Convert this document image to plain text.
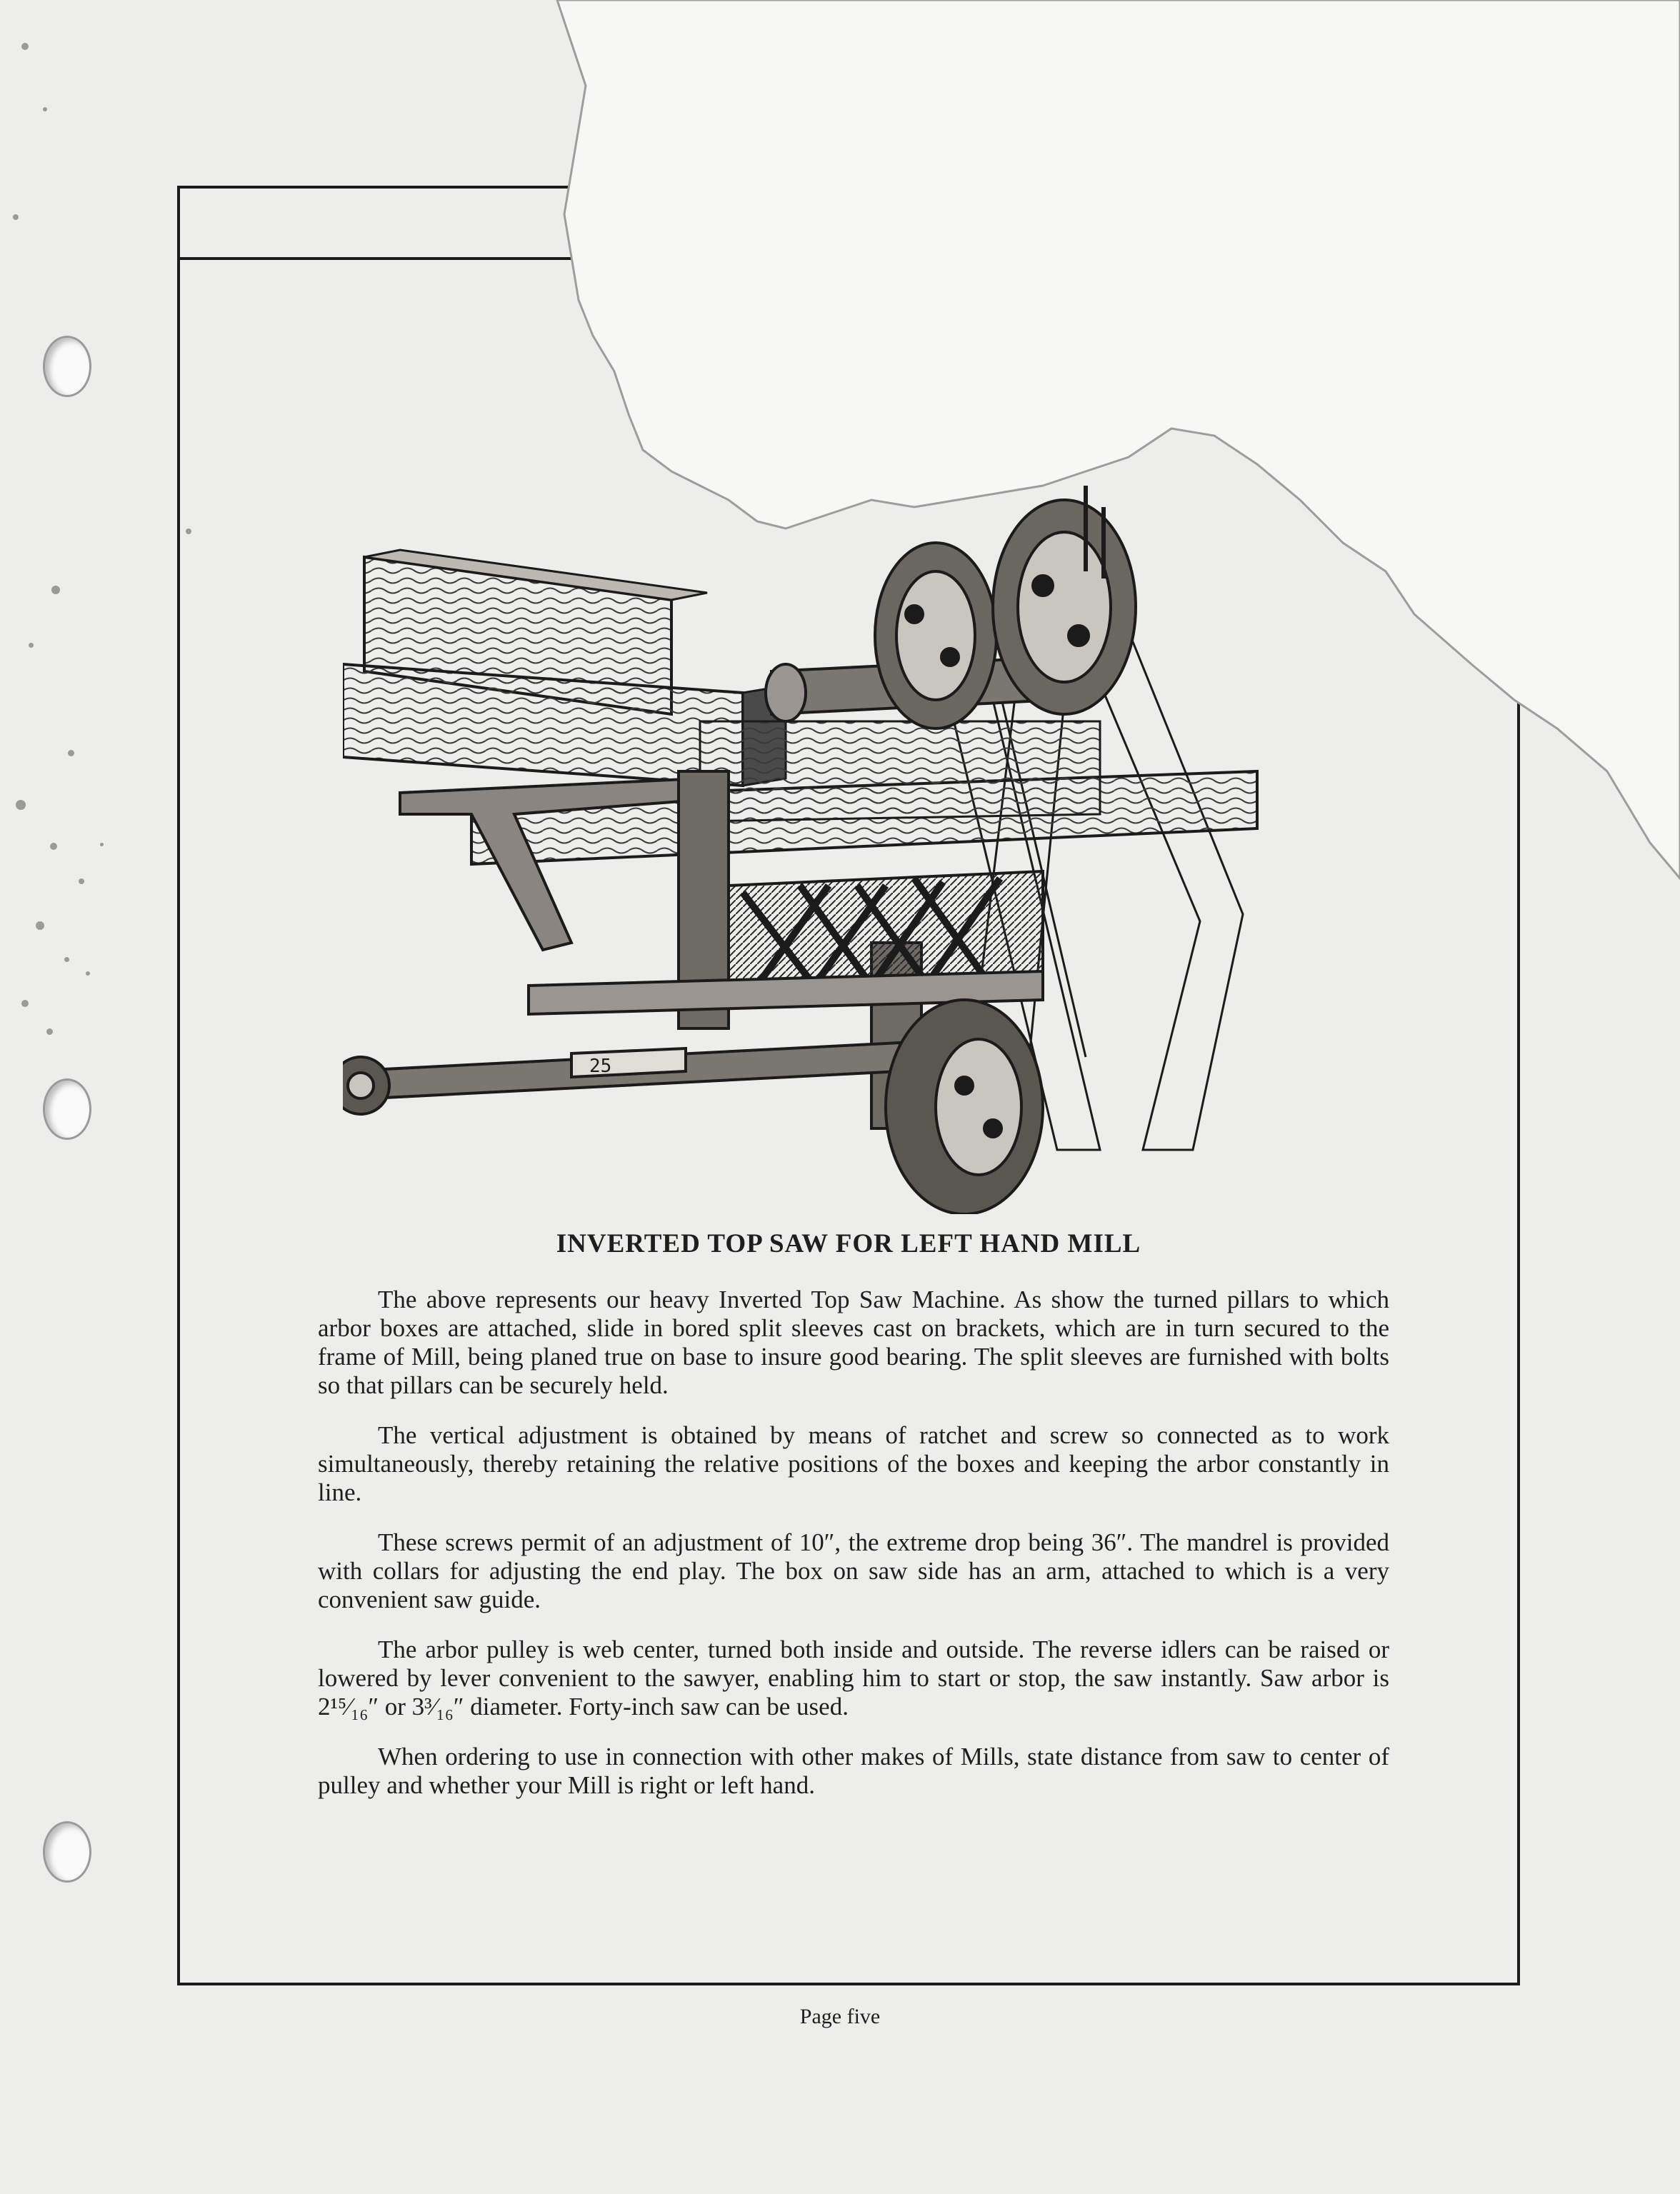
25
INVERTED TOP SAW FOR LEFT HAND MILL

The above represents our heavy Inverted Top Saw Machine. As show the turned pillars to which arbor boxes are attached, slide in bored split sleeves cast on brackets, which are in turn secured to the frame of Mill, being planed true on base to insure good bearing. The split sleeves are furnished with bolts so that pillars can be securely held.

The vertical adjustment is obtained by means of ratchet and screw so connected as to work simultaneously, thereby retaining the relative positions of the boxes and keeping the arbor constantly in line.

These screws permit of an adjustment of 10″, the extreme drop being 36″. The mandrel is provided with collars for adjusting the end play. The box on saw side has an arm, attached to which is a very convenient saw guide.

The arbor pulley is web center, turned both inside and outside. The reverse idlers can be raised or lowered by lever convenient to the sawyer, enabling him to start or stop, the saw instantly. Saw arbor is 2¹⁵⁄₁₆″ or 3³⁄₁₆″ diameter. Forty-inch saw can be used.

When ordering to use in connection with other makes of Mills, state distance from saw to center of pulley and whether your Mill is right or left hand.

Page five
